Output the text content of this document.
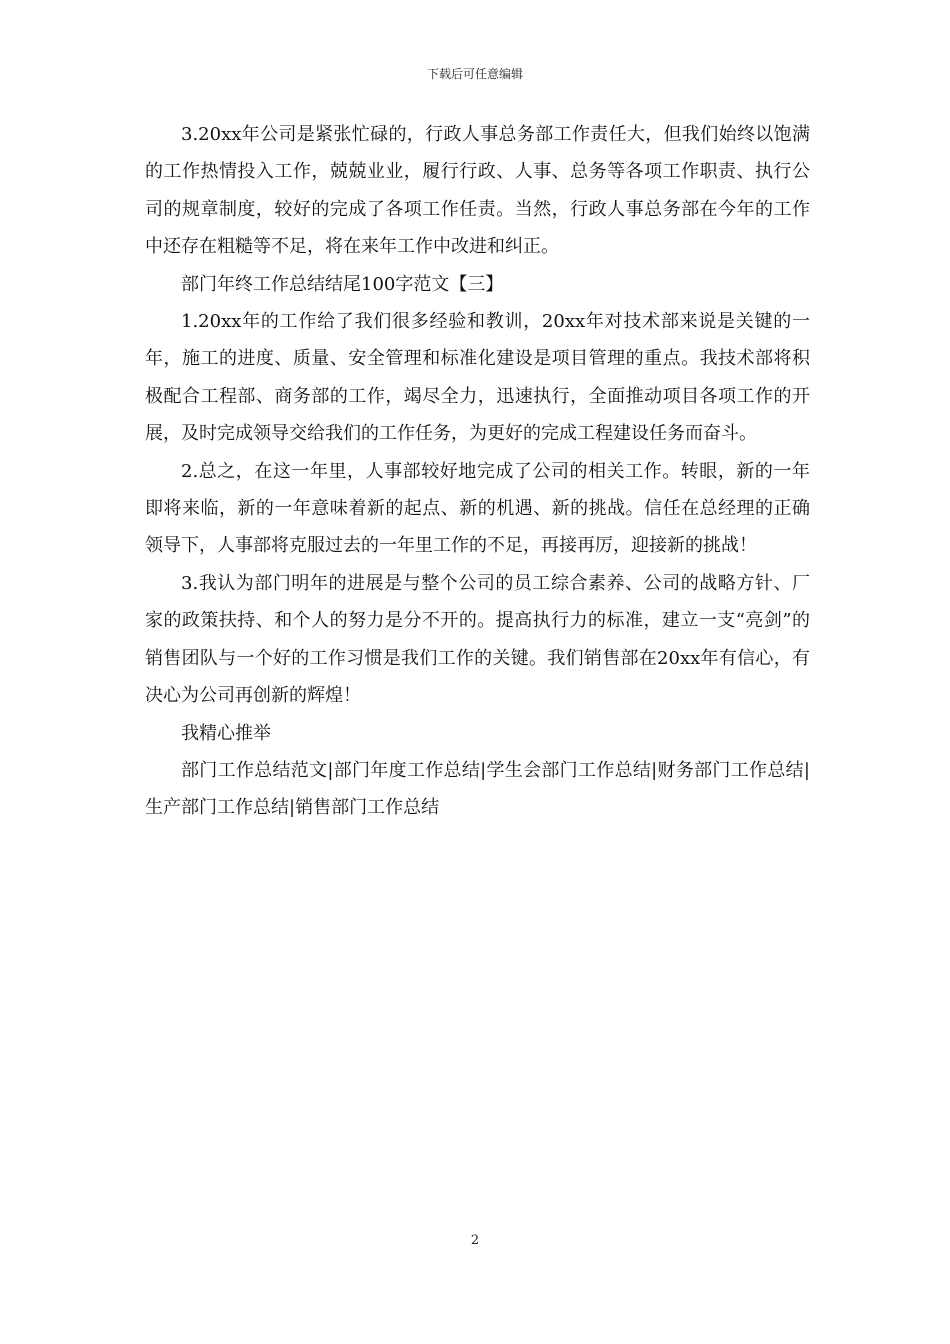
下载后可任意编辑

3.20xx年公司是紧张忙碌的，行政人事总务部工作责任大，但我们始终以饱满的工作热情投入工作，兢兢业业，履行行政、人事、总务等各项工作职责、执行公司的规章制度，较好的完成了各项工作任责。当然，行政人事总务部在今年的工作中还存在粗糙等不足，将在来年工作中改进和纠正。

部门年终工作总结结尾100字范文【三】

1.20xx年的工作给了我们很多经验和教训，20xx年对技术部来说是关键的一年，施工的进度、质量、安全管理和标准化建设是项目管理的重点。我技术部将积极配合工程部、商务部的工作，竭尽全力，迅速执行，全面推动项目各项工作的开展，及时完成领导交给我们的工作任务，为更好的完成工程建设任务而奋斗。

2.总之，在这一年里，人事部较好地完成了公司的相关工作。转眼，新的一年即将来临，新的一年意味着新的起点、新的机遇、新的挑战。信任在总经理的正确领导下，人事部将克服过去的一年里工作的不足，再接再厉，迎接新的挑战！

3.我认为部门明年的进展是与整个公司的员工综合素养、公司的战略方针、厂家的政策扶持、和个人的努力是分不开的。提高执行力的标准，建立一支“亮剑”的销售团队与一个好的工作习惯是我们工作的关键。我们销售部在20xx年有信心，有决心为公司再创新的辉煌！

我精心推举

部门工作总结范文|部门年度工作总结|学生会部门工作总结|财务部门工作总结|生产部门工作总结|销售部门工作总结

2
